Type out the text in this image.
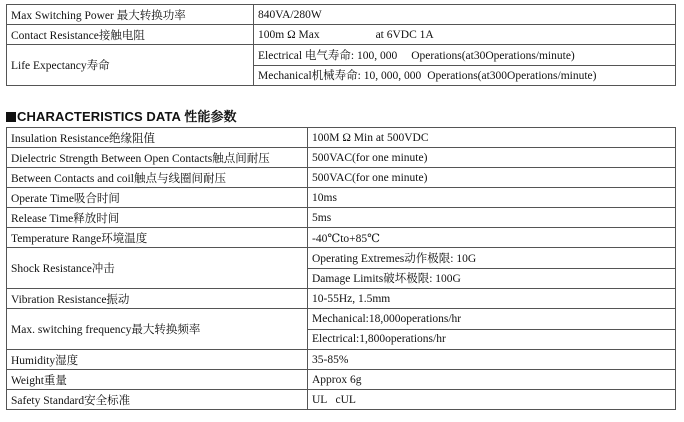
Max Switching Power 最大转换功率	840VA/280W
Contact Resistance接触电阻	100m Ω Max at 6VDC 1A
Life Expectancy寿命	Electrical 电气寿命: 100, 000 Operations(at30Operations/minute)
	Mechanical机械寿命: 10, 000, 000 Operations(at300Operations/minute)
CHARACTERISTICS DATA 性能参数
Insulation Resistance绝缘阻值	100M Ω Min at 500VDC
Dielectric Strength Between Open Contacts触点间耐压	500VAC(for one minute)
Between Contacts and coil触点与线圈间耐压	500VAC(for one minute)
Operate Time吸合时间	10ms
Release Time释放时间	5ms
Temperature Range环境温度	-40℃to+85℃
Shock Resistance冲击	Operating Extremes动作极限: 10G
	Damage Limits破坏极限: 100G
Vibration Resistance振动	10-55Hz, 1.5mm
Max. switching frequency最大转换频率	Mechanical:18,000operations/hr
	Electrical:1,800operations/hr
Humidity湿度	35-85%
Weight重量	Approx 6g
Safety Standard安全标准	UL   cUL
